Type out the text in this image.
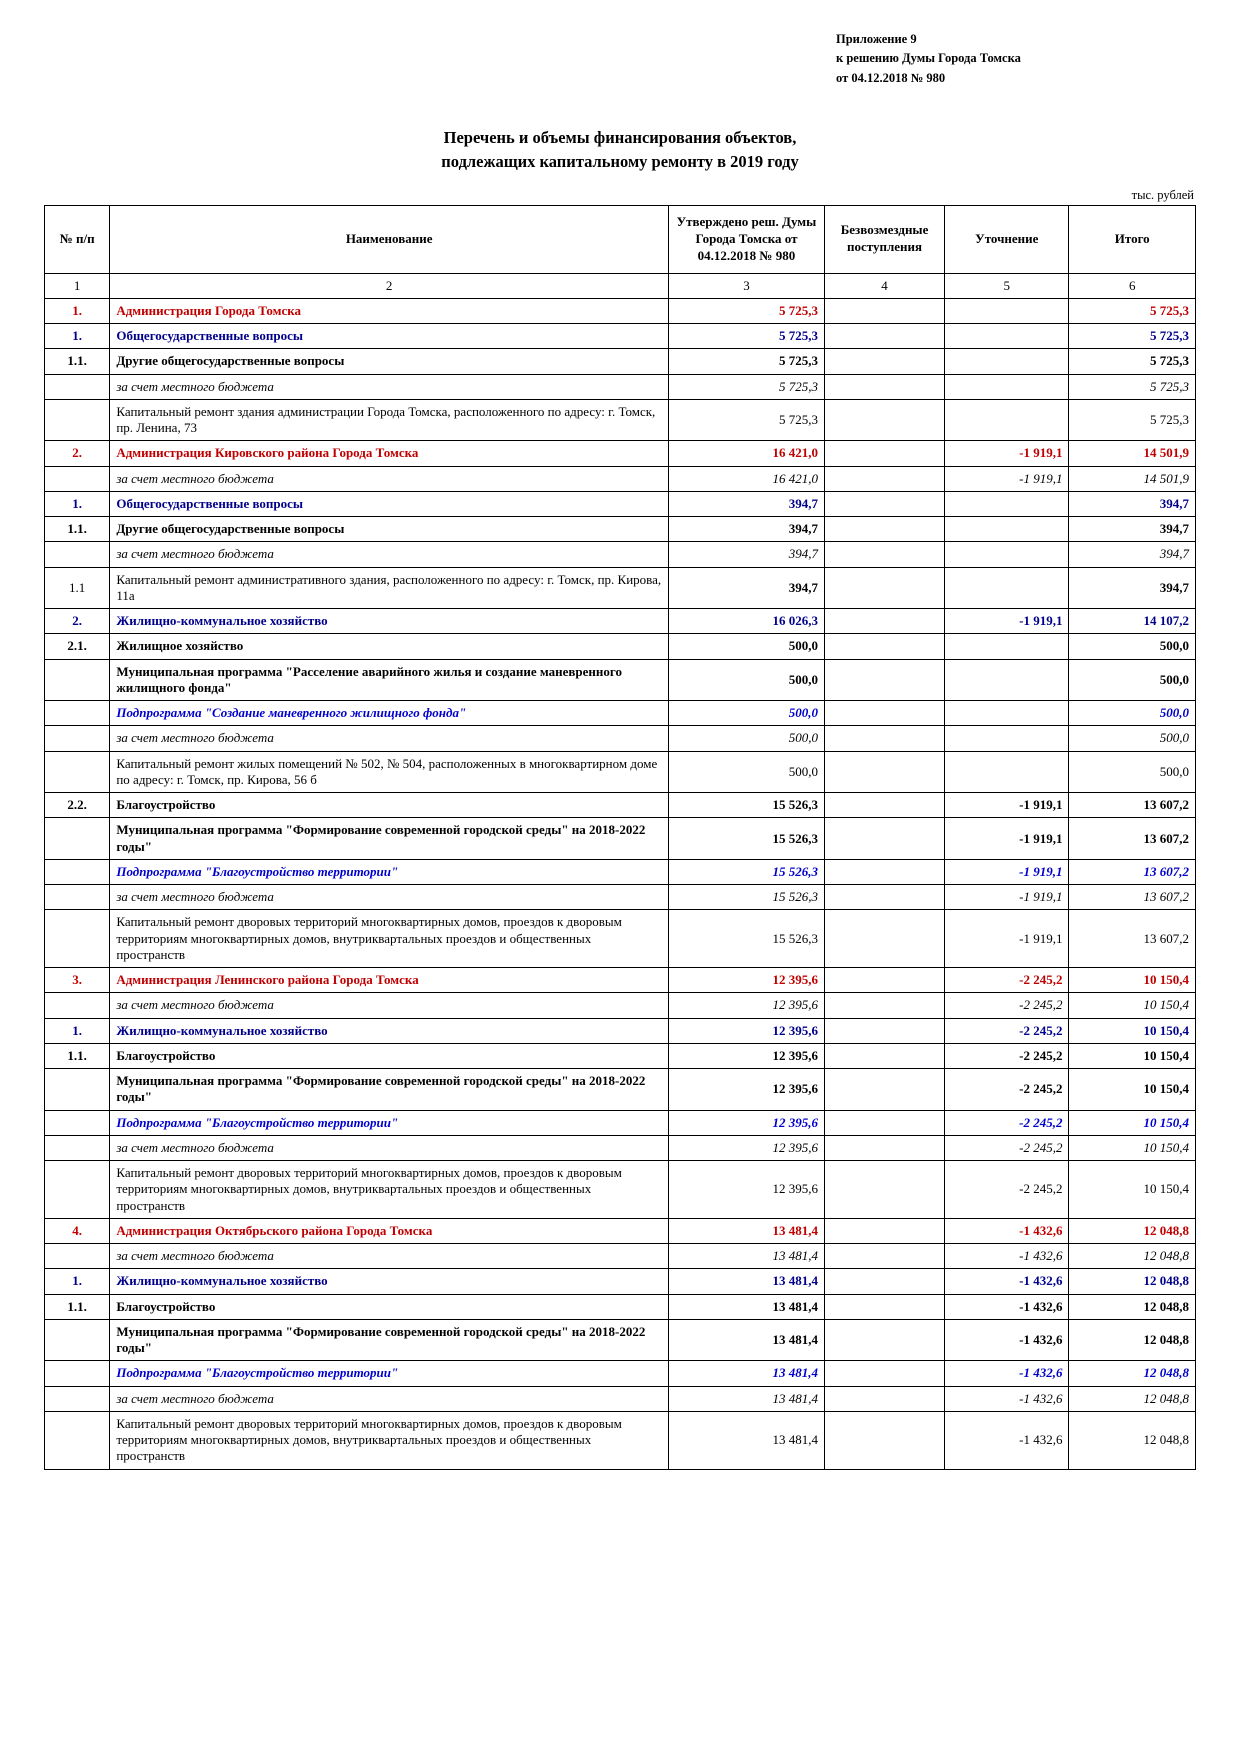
Приложение 9
к решению Думы Города Томска
от 04.12.2018 № 980
Перечень и объемы финансирования объектов,
подлежащих капитальному ремонту в 2019 году
тыс. рублей
№ п/п	Наименование	Утверждено реш. Думы Города Томска от 04.12.2018 № 980	Безвозмездные поступления	Уточнение	Итого
1	2	3	4	5	6
1.	Администрация Города Томска	5 725,3			5 725,3
1.	Общегосударственные вопросы	5 725,3			5 725,3
1.1.	Другие общегосударственные вопросы	5 725,3			5 725,3
	за счет местного бюджета	5 725,3			5 725,3
	Капитальный ремонт здания администрации Города Томска, расположенного по адресу: г. Томск, пр. Ленина, 73	5 725,3			5 725,3
2.	Администрация Кировского района Города Томска	16 421,0		-1 919,1	14 501,9
	за счет местного бюджета	16 421,0		-1 919,1	14 501,9
1.	Общегосударственные вопросы	394,7			394,7
1.1.	Другие общегосударственные вопросы	394,7			394,7
	за счет местного бюджета	394,7			394,7
1.1	Капитальный ремонт административного здания, расположенного по адресу: г. Томск, пр. Кирова, 11а	394,7			394,7
2.	Жилищно-коммунальное хозяйство	16 026,3		-1 919,1	14 107,2
2.1.	Жилищное хозяйство	500,0			500,0
	Муниципальная программа "Расселение аварийного жилья и создание маневренного жилищного фонда"	500,0			500,0
	Подпрограмма "Создание маневренного жилищного фонда"	500,0			500,0
	за счет местного бюджета	500,0			500,0
	Капитальный ремонт жилых помещений № 502, № 504, расположенных в многоквартирном доме по адресу: г. Томск, пр. Кирова, 56 б	500,0			500,0
2.2.	Благоустройство	15 526,3		-1 919,1	13 607,2
	Муниципальная программа "Формирование современной городской среды" на 2018-2022 годы"	15 526,3		-1 919,1	13 607,2
	Подпрограмма "Благоустройство территории"	15 526,3		-1 919,1	13 607,2
	за счет местного бюджета	15 526,3		-1 919,1	13 607,2
	Капитальный ремонт дворовых территорий многоквартирных домов, проездов к дворовым территориям многоквартирных домов, внутриквартальных проездов и общественных пространств	15 526,3		-1 919,1	13 607,2
3.	Администрация Ленинского района Города Томска	12 395,6		-2 245,2	10 150,4
	за счет местного бюджета	12 395,6		-2 245,2	10 150,4
1.	Жилищно-коммунальное хозяйство	12 395,6		-2 245,2	10 150,4
1.1.	Благоустройство	12 395,6		-2 245,2	10 150,4
	Муниципальная программа "Формирование современной городской среды" на 2018-2022 годы"	12 395,6		-2 245,2	10 150,4
	Подпрограмма "Благоустройство территории"	12 395,6		-2 245,2	10 150,4
	за счет местного бюджета	12 395,6		-2 245,2	10 150,4
	Капитальный ремонт дворовых территорий многоквартирных домов, проездов к дворовым территориям многоквартирных домов, внутриквартальных проездов и общественных пространств	12 395,6		-2 245,2	10 150,4
4.	Администрация Октябрьского района Города Томска	13 481,4		-1 432,6	12 048,8
	за счет местного бюджета	13 481,4		-1 432,6	12 048,8
1.	Жилищно-коммунальное хозяйство	13 481,4		-1 432,6	12 048,8
1.1.	Благоустройство	13 481,4		-1 432,6	12 048,8
	Муниципальная программа "Формирование современной городской среды" на 2018-2022 годы"	13 481,4		-1 432,6	12 048,8
	Подпрограмма "Благоустройство территории"	13 481,4		-1 432,6	12 048,8
	за счет местного бюджета	13 481,4		-1 432,6	12 048,8
	Капитальный ремонт дворовых территорий многоквартирных домов, проездов к дворовым территориям многоквартирных домов, внутриквартальных проездов и общественных пространств	13 481,4		-1 432,6	12 048,8
